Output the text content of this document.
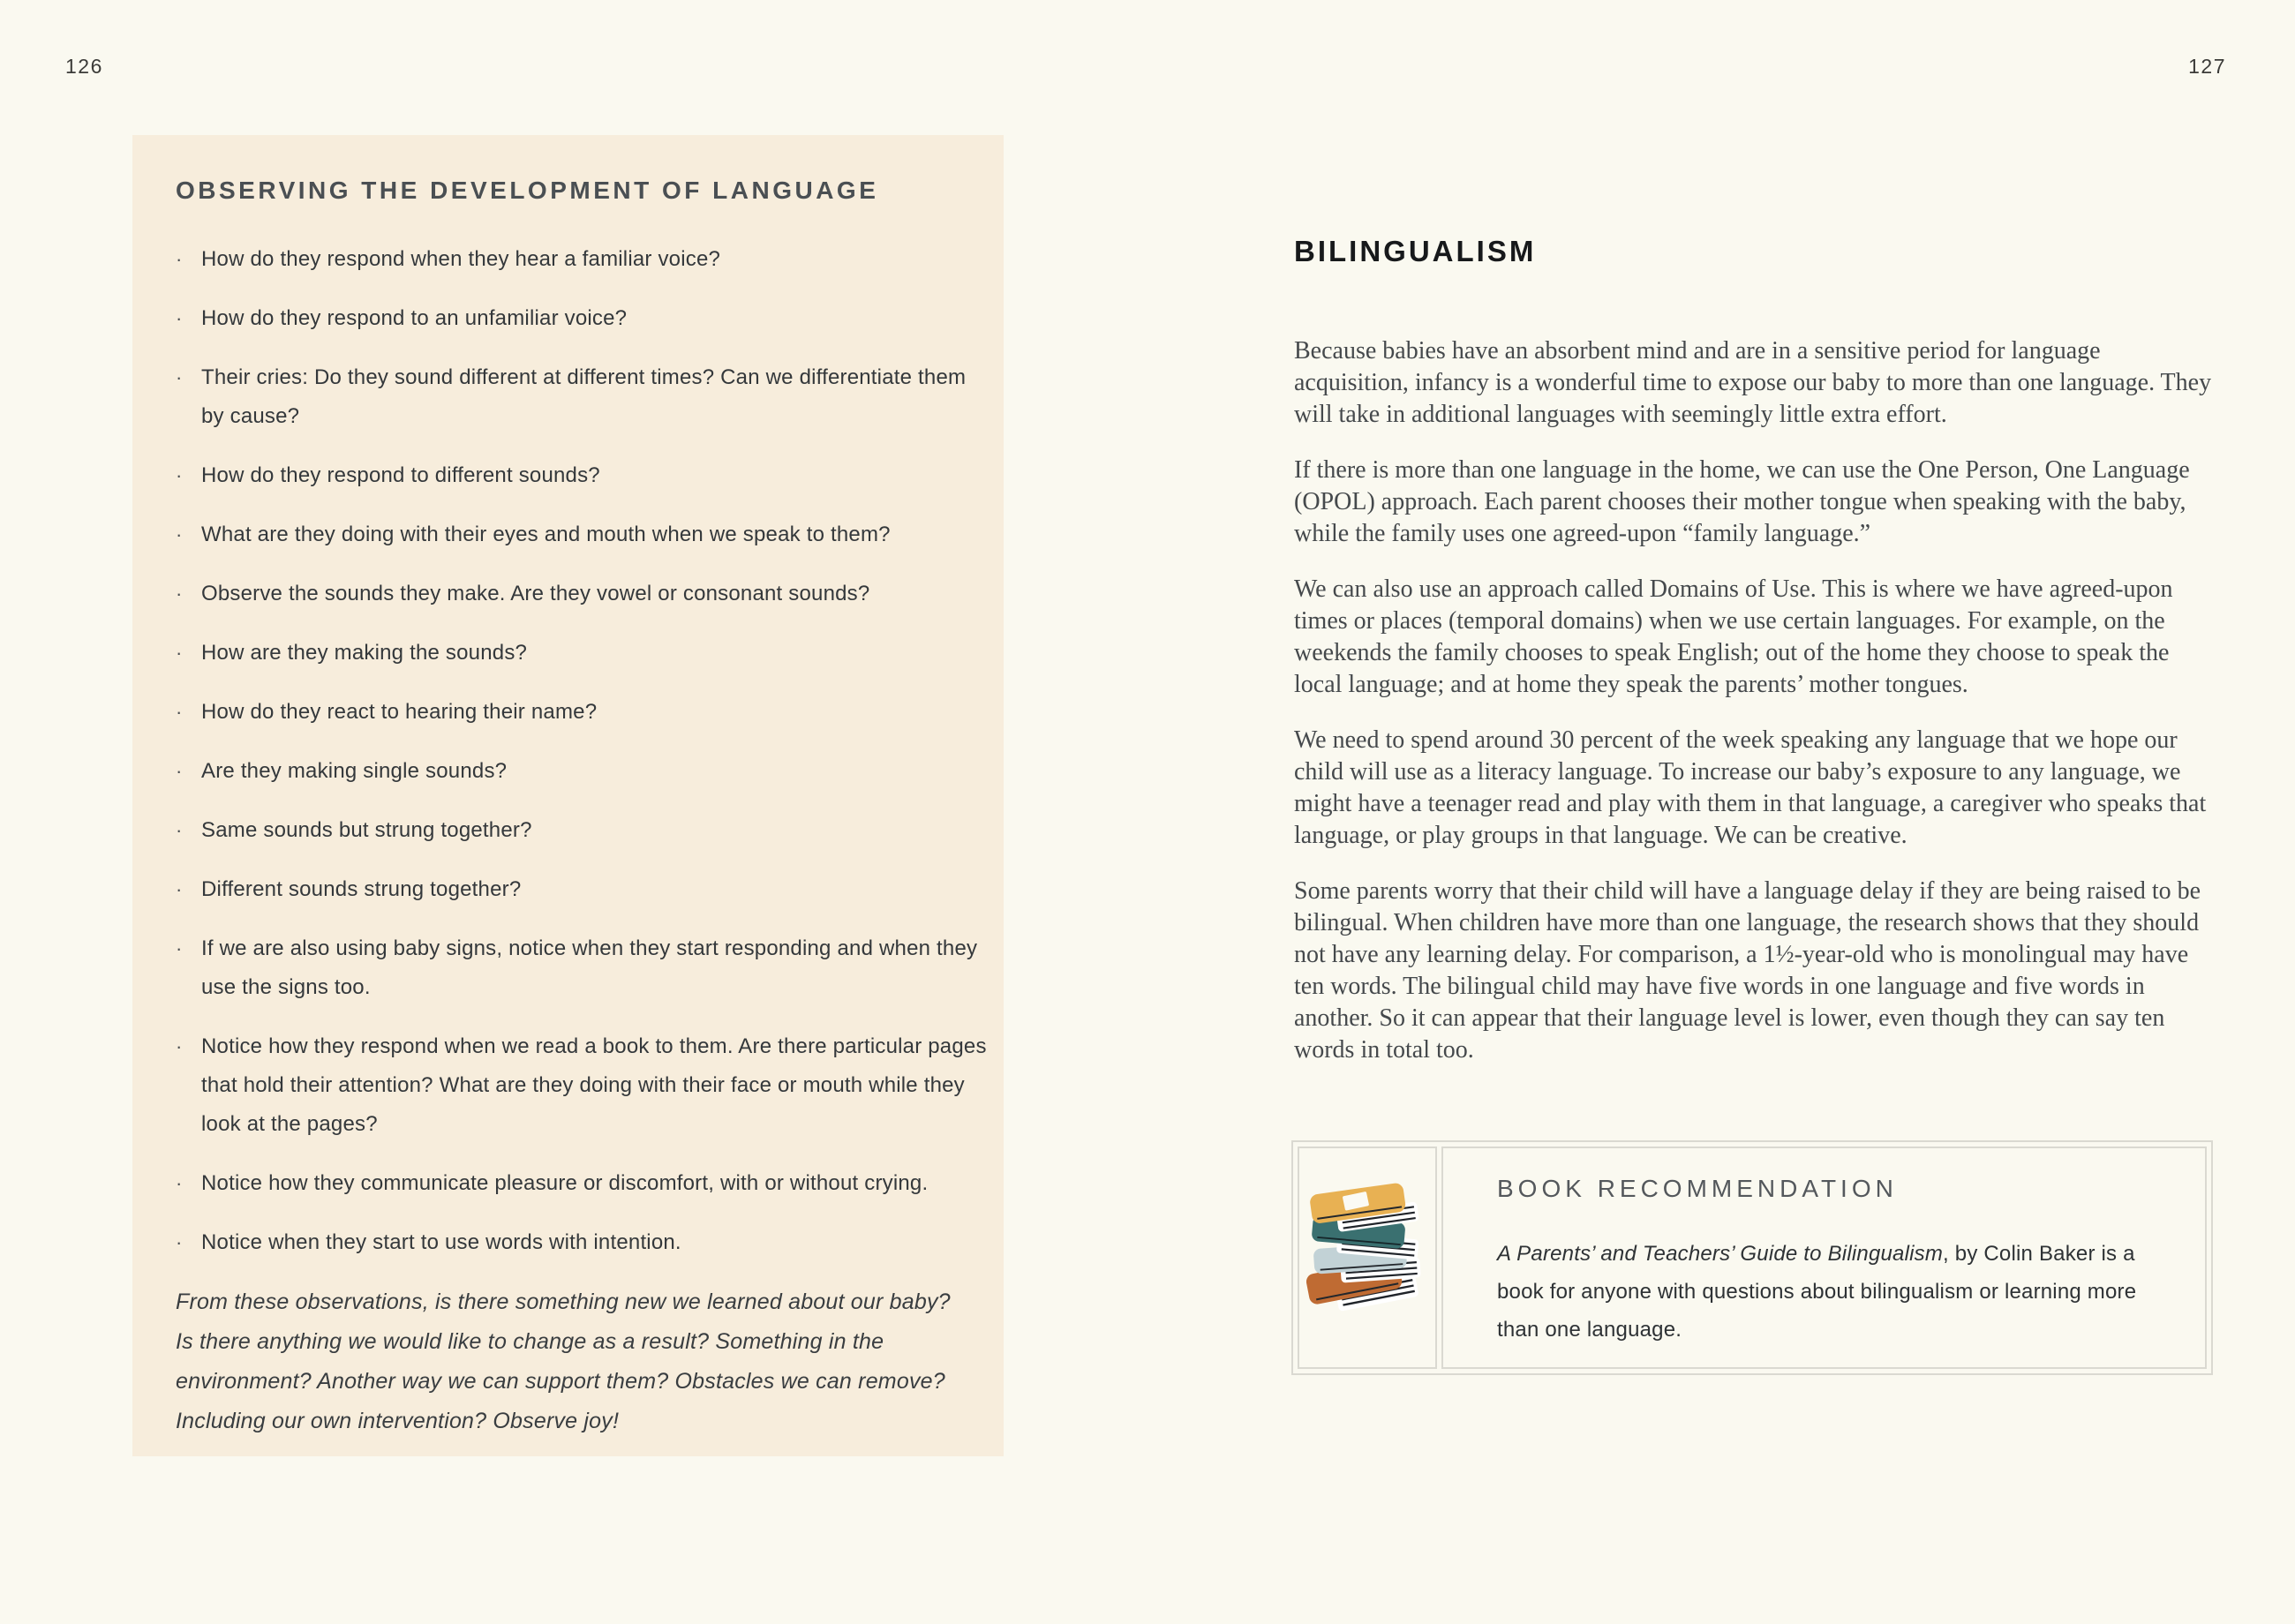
126	127
OBSERVING THE DEVELOPMENT OF LANGUAGE
· How do they respond when they hear a familiar voice?
· How do they respond to an unfamiliar voice?
· Their cries: Do they sound different at different times? Can we differentiate them by cause?
· How do they respond to different sounds?
· What are they doing with their eyes and mouth when we speak to them?
· Observe the sounds they make. Are they vowel or consonant sounds?
· How are they making the sounds?
· How do they react to hearing their name?
· Are they making single sounds?
· Same sounds but strung together?
· Different sounds strung together?
· If we are also using baby signs, notice when they start responding and when they use the signs too.
· Notice how they respond when we read a book to them. Are there particular pages that hold their attention? What are they doing with their face or mouth while they look at the pages?
· Notice how they communicate pleasure or discomfort, with or without crying.
· Notice when they start to use words with intention.
From these observations, is there something new we learned about our baby?
Is there anything we would like to change as a result? Something in the environment? Another way we can support them? Obstacles we can remove? Including our own intervention? Observe joy!
BILINGUALISM

Because babies have an absorbent mind and are in a sensitive period for language acquisition, infancy is a wonderful time to expose our baby to more than one language. They will take in additional languages with seemingly little extra effort.

If there is more than one language in the home, we can use the One Person, One Language (OPOL) approach. Each parent chooses their mother tongue when speaking with the baby, while the family uses one agreed-upon “family language.”

We can also use an approach called Domains of Use. This is where we have agreed-upon times or places (temporal domains) when we use certain languages. For example, on the weekends the family chooses to speak English; out of the home they choose to speak the local language; and at home they speak the parents’ mother tongues.

We need to spend around 30 percent of the week speaking any language that we hope our child will use as a literacy language. To increase our baby’s exposure to any language, we might have a teenager read and play with them in that language, a caregiver who speaks that language, or play groups in that language. We can be creative.

Some parents worry that their child will have a language delay if they are being raised to be bilingual. When children have more than one language, the research shows that they should not have any learning delay. For comparison, a 1½-year-old who is monolingual may have ten words. The bilingual child may have five words in one language and five words in another. So it can appear that their language level is lower, even though they can say ten words in total too.

BOOK RECOMMENDATION

A Parents’ and Teachers’ Guide to Bilingualism, by Colin Baker is a book for anyone with questions about bilingualism or learning more than one language.
